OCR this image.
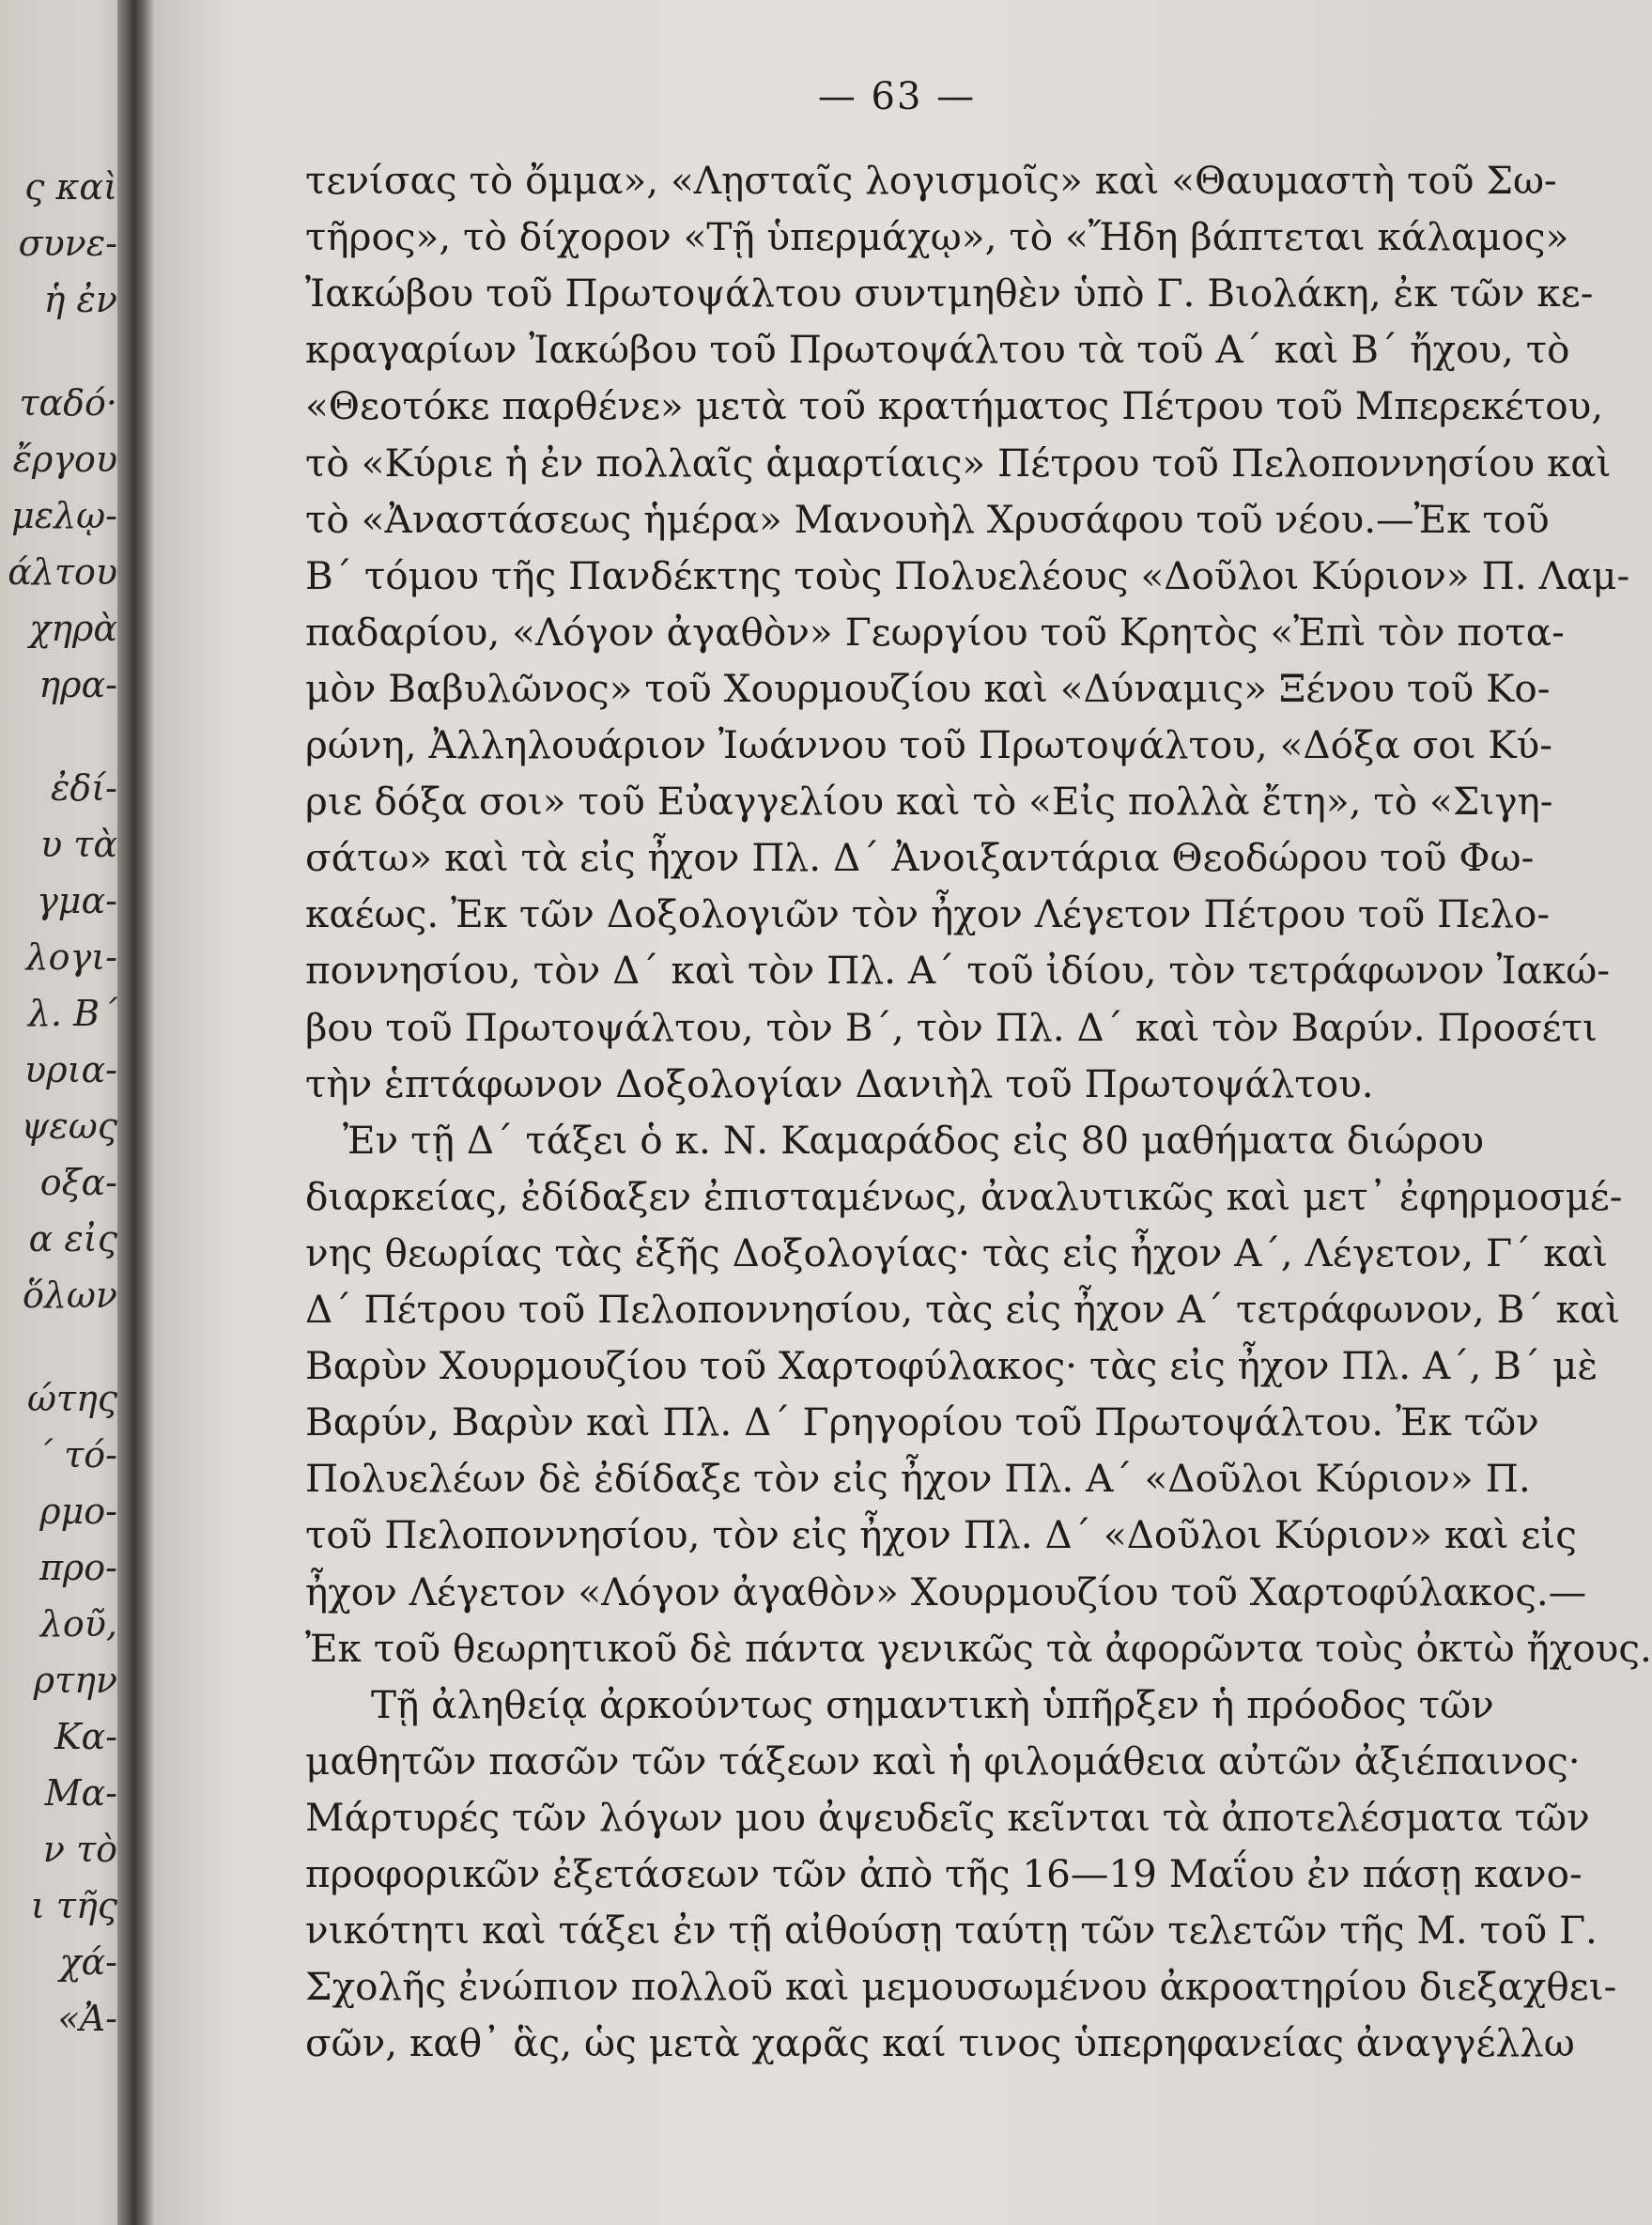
ς καὶ
συνε-
ἡ ἐν
ταδό·
ἔργου
μελῳ-
άλτου
χηρὰ
ηρα-
ἐδί-
υ τὰ
γμα-
λογι-
λ. Β΄
υρια-
ψεως
οξα-
α εἰς
ὅλων
ώτης
΄ τό-
ρμο-
προ-
λοῦ,
ρτην
Κα-
Μα-
ν τὸ
ι τῆς
χά-
«Ἀ-
— 63 —
τενίσας τὸ ὄμμα», «Λῃσταῖς λογισμοῖς» καὶ «Θαυμαστὴ τοῦ Σω-
τῆρος», τὸ δίχορον «Τῇ ὑπερμάχῳ», τὸ «Ἤδη βάπτεται κάλαμος»
Ἰακώβου τοῦ Πρωτοψάλτου συντμηθὲν ὑπὸ Γ. Βιολάκη, ἐκ τῶν κε-
κραγαρίων Ἰακώβου τοῦ Πρωτοψάλτου τὰ τοῦ Α΄ καὶ Β΄ ἤχου, τὸ
«Θεοτόκε παρθένε» μετὰ τοῦ κρατήματος Πέτρου τοῦ Μπερεκέτου,
τὸ «Κύριε ἡ ἐν πολλαῖς ἁμαρτίαις» Πέτρου τοῦ Πελοποννησίου καὶ
τὸ «Ἀναστάσεως ἡμέρα» Μανουὴλ Χρυσάφου τοῦ νέου.—Ἐκ τοῦ
Β΄ τόμου τῆς Πανδέκτης τοὺς Πολυελέους «Δοῦλοι Κύριον» Π. Λαμ-
παδαρίου, «Λόγον ἀγαθὸν» Γεωργίου τοῦ Κρητὸς «Ἐπὶ τὸν ποτα-
μὸν Βαβυλῶνος» τοῦ Χουρμουζίου καὶ «Δύναμις» Ξένου τοῦ Κο-
ρώνη, Ἀλληλουάριον Ἰωάννου τοῦ Πρωτοψάλτου, «Δόξα σοι Κύ-
ριε δόξα σοι» τοῦ Εὐαγγελίου καὶ τὸ «Εἰς πολλὰ ἔτη», τὸ «Σιγη-
σάτω» καὶ τὰ εἰς ἦχον Πλ. Δ΄ Ἀνοιξαντάρια Θεοδώρου τοῦ Φω-
καέως. Ἐκ τῶν Δοξολογιῶν τὸν ἦχον Λέγετον Πέτρου τοῦ Πελο-
ποννησίου, τὸν Δ΄ καὶ τὸν Πλ. Α΄ τοῦ ἰδίου, τὸν τετράφωνον Ἰακώ-
βου τοῦ Πρωτοψάλτου, τὸν Β΄, τὸν Πλ. Δ΄ καὶ τὸν Βαρύν. Προσέτι
τὴν ἑπτάφωνον Δοξολογίαν Δανιὴλ τοῦ Πρωτοψάλτου.
Ἐν τῇ Δ΄ τάξει ὁ κ. Ν. Καμαράδος εἰς 80 μαθήματα διώρου
διαρκείας, ἐδίδαξεν ἐπισταμένως, ἀναλυτικῶς καὶ μετ᾽ ἐφηρμοσμέ-
νης θεωρίας τὰς ἑξῆς Δοξολογίας· τὰς εἰς ἦχον Α΄, Λέγετον, Γ΄ καὶ
Δ΄ Πέτρου τοῦ Πελοποννησίου, τὰς εἰς ἦχον Α΄ τετράφωνον, Β΄ καὶ
Βαρὺν Χουρμουζίου τοῦ Χαρτοφύλακος· τὰς εἰς ἦχον Πλ. Α΄, Β΄ μὲ
Βαρύν, Βαρὺν καὶ Πλ. Δ΄ Γρηγορίου τοῦ Πρωτοψάλτου. Ἐκ τῶν
Πολυελέων δὲ ἐδίδαξε τὸν εἰς ἦχον Πλ. Α΄ «Δοῦλοι Κύριον» Π.
τοῦ Πελοποννησίου, τὸν εἰς ἦχον Πλ. Δ΄ «Δοῦλοι Κύριον» καὶ εἰς
ἦχον Λέγετον «Λόγον ἀγαθὸν» Χουρμουζίου τοῦ Χαρτοφύλακος.—
Ἐκ τοῦ θεωρητικοῦ δὲ πάντα γενικῶς τὰ ἀφορῶντα τοὺς ὀκτὼ ἤχους.
Τῇ ἀληθείᾳ ἀρκούντως σημαντικὴ ὑπῆρξεν ἡ πρόοδος τῶν
μαθητῶν πασῶν τῶν τάξεων καὶ ἡ φιλομάθεια αὐτῶν ἀξιέπαινος·
Μάρτυρές τῶν λόγων μου ἀψευδεῖς κεῖνται τὰ ἀποτελέσματα τῶν
προφορικῶν ἐξετάσεων τῶν ἀπὸ τῆς 16—19 Μαΐου ἐν πάσῃ κανο-
νικότητι καὶ τάξει ἐν τῇ αἰθούσῃ ταύτῃ τῶν τελετῶν τῆς Μ. τοῦ Γ.
Σχολῆς ἐνώπιον πολλοῦ καὶ μεμουσωμένου ἀκροατηρίου διεξαχθει-
σῶν, καθ᾽ ἃς, ὡς μετὰ χαρᾶς καί τινος ὑπερηφανείας ἀναγγέλλω
